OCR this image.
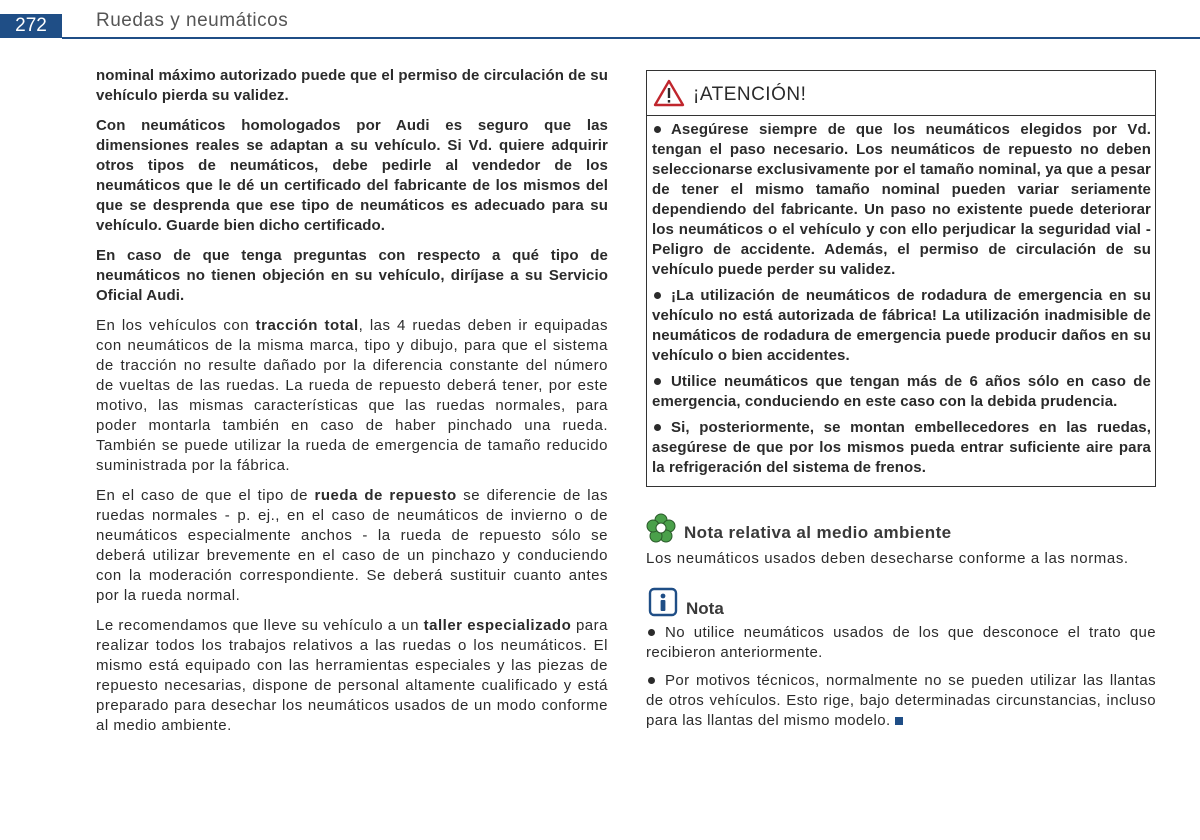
272	Ruedas y neumáticos

nominal máximo autorizado puede que el permiso de circulación de su vehículo pierda su validez.

Con neumáticos homologados por Audi es seguro que las dimensiones reales se adaptan a su vehículo. Si Vd. quiere adquirir otros tipos de neumáticos, debe pedirle al vendedor de los neumáticos que le dé un certificado del fabricante de los mismos del que se desprenda que ese tipo de neumáticos es adecuado para su vehículo. Guarde bien dicho certificado.

En caso de que tenga preguntas con respecto a qué tipo de neumáticos no tienen objeción en su vehículo, diríjase a su Servicio Oficial Audi.

En los vehículos con tracción total, las 4 ruedas deben ir equipadas con neumáticos de la misma marca, tipo y dibujo, para que el sistema de tracción no resulte dañado por la diferencia constante del número de vueltas de las ruedas. La rueda de repuesto deberá tener, por este motivo, las mismas características que las ruedas normales, para poder montarla también en caso de haber pinchado una rueda. También se puede utilizar la rueda de emergencia de tamaño reducido suministrada por la fábrica.

En el caso de que el tipo de rueda de repuesto se diferencie de las ruedas normales - p. ej., en el caso de neumáticos de invierno o de neumáticos especialmente anchos - la rueda de repuesto sólo se deberá utilizar brevemente en el caso de un pinchazo y conduciendo con la moderación correspondiente. Se deberá sustituir cuanto antes por la rueda normal.

Le recomendamos que lleve su vehículo a un taller especializado para realizar todos los trabajos relativos a las ruedas o los neumáticos. El mismo está equipado con las herramientas especiales y las piezas de repuesto necesarias, dispone de personal altamente cualificado y está preparado para desechar los neumáticos usados de un modo conforme al medio ambiente.

¡ATENCIÓN!

Asegúrese siempre de que los neumáticos elegidos por Vd. tengan el paso necesario. Los neumáticos de repuesto no deben seleccionarse exclusivamente por el tamaño nominal, ya que a pesar de tener el mismo tamaño nominal pueden variar seriamente dependiendo del fabricante. Un paso no existente puede deteriorar los neumáticos o el vehículo y con ello perjudicar la seguridad vial - Peligro de accidente. Además, el permiso de circulación de su vehículo puede perder su validez.

¡La utilización de neumáticos de rodadura de emergencia en su vehículo no está autorizada de fábrica! La utilización inadmisible de neumáticos de rodadura de emergencia puede producir daños en su vehículo o bien accidentes.

Utilice neumáticos que tengan más de 6 años sólo en caso de emergencia, conduciendo en este caso con la debida prudencia.

Si, posteriormente, se montan embellecedores en las ruedas, asegúrese de que por los mismos pueda entrar suficiente aire para la refrigeración del sistema de frenos.

Nota relativa al medio ambiente
Los neumáticos usados deben desecharse conforme a las normas.
Nota

No utilice neumáticos usados de los que desconoce el trato que recibieron anteriormente.

Por motivos técnicos, normalmente no se pueden utilizar las llantas de otros vehículos. Esto rige, bajo determinadas circunstancias, incluso para las llantas del mismo modelo.
